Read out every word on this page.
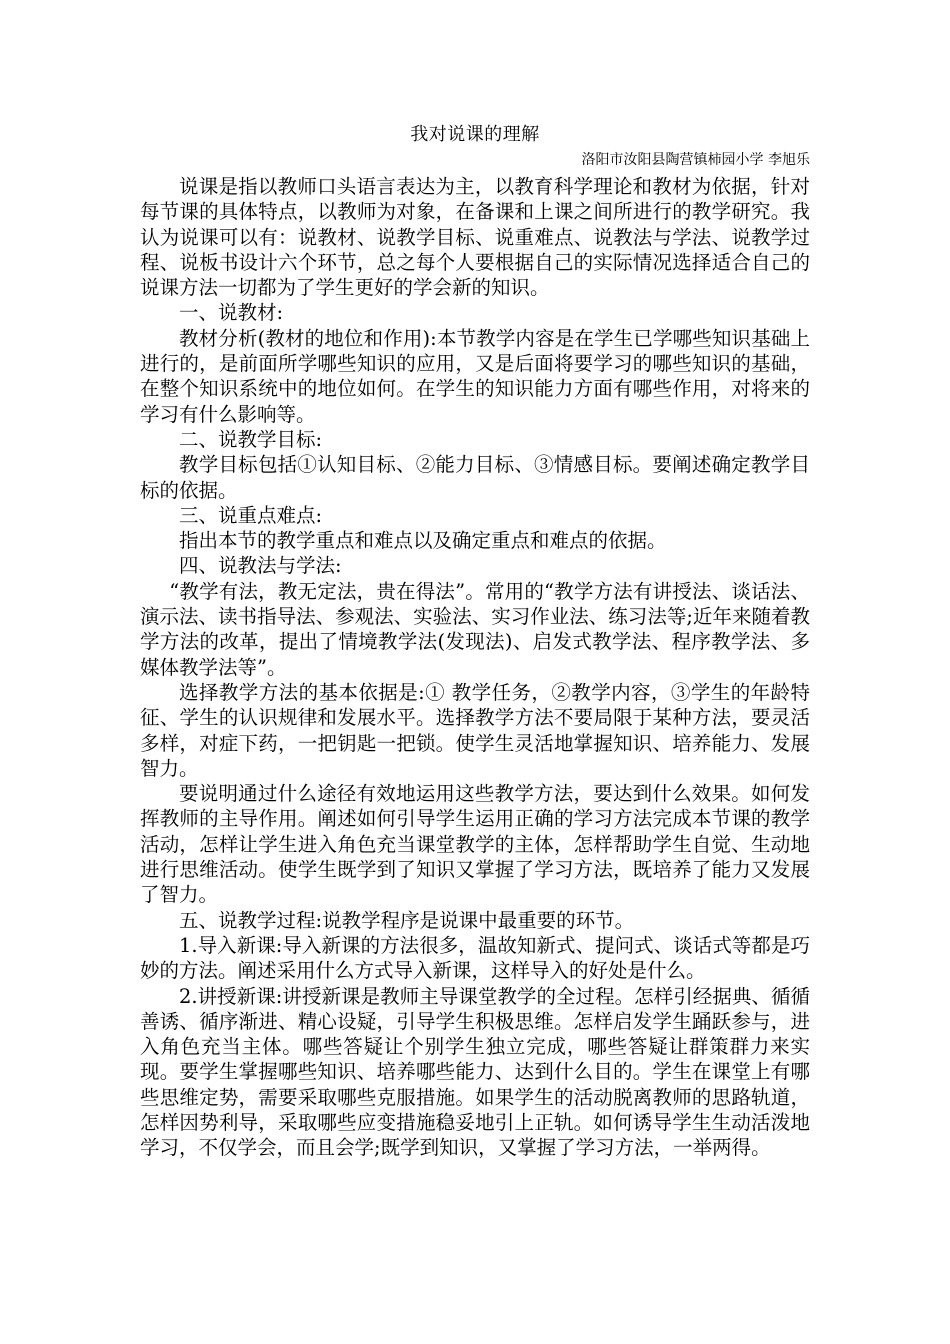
我对说课的理解
洛阳市汝阳县陶营镇柿园小学 李旭乐

说课是指以教师口头语言表达为主，以教育科学理论和教材为依据，针对每节课的具体特点，以教师为对象，在备课和上课之间所进行的教学研究。我认为说课可以有：说教材、说教学目标、说重难点、说教法与学法、说教学过程、说板书设计六个环节，总之每个人要根据自己的实际情况选择适合自己的说课方法一切都为了学生更好的学会新的知识。

一、说教材:

教材分析(教材的地位和作用):本节教学内容是在学生已学哪些知识基础上进行的，是前面所学哪些知识的应用，又是后面将要学习的哪些知识的基础，在整个知识系统中的地位如何。在学生的知识能力方面有哪些作用，对将来的学习有什么影响等。

二、说教学目标:

教学目标包括①认知目标、②能力目标、③情感目标。要阐述确定教学目标的依据。

三、说重点难点:

指出本节的教学重点和难点以及确定重点和难点的依据。

四、说教法与学法:

“教学有法，教无定法，贵在得法”。常用的“教学方法有讲授法、谈话法、演示法、读书指导法、参观法、实验法、实习作业法、练习法等;近年来随着教学方法的改革，提出了情境教学法(发现法)、启发式教学法、程序教学法、多媒体教学法等”。

选择教学方法的基本依据是:① 教学任务，②教学内容，③学生的年龄特征、学生的认识规律和发展水平。选择教学方法不要局限于某种方法，要灵活多样，对症下药，一把钥匙一把锁。使学生灵活地掌握知识、培养能力、发展智力。

要说明通过什么途径有效地运用这些教学方法，要达到什么效果。如何发挥教师的主导作用。阐述如何引导学生运用正确的学习方法完成本节课的教学活动，怎样让学生进入角色充当课堂教学的主体，怎样帮助学生自觉、生动地进行思维活动。使学生既学到了知识又掌握了学习方法，既培养了能力又发展了智力。

五、说教学过程:说教学程序是说课中最重要的环节。

1.导入新课:导入新课的方法很多，温故知新式、提问式、谈话式等都是巧妙的方法。阐述采用什么方式导入新课，这样导入的好处是什么。

2.讲授新课:讲授新课是教师主导课堂教学的全过程。怎样引经据典、循循善诱、循序渐进、精心设疑，引导学生积极思维。怎样启发学生踊跃参与，进入角色充当主体。哪些答疑让个别学生独立完成，哪些答疑让群策群力来实现。要学生掌握哪些知识、培养哪些能力、达到什么目的。学生在课堂上有哪些思维定势，需要采取哪些克服措施。如果学生的活动脱离教师的思路轨道，怎样因势利导，采取哪些应变措施稳妥地引上正轨。如何诱导学生生动活泼地学习，不仅学会，而且会学;既学到知识，又掌握了学习方法，一举两得。
